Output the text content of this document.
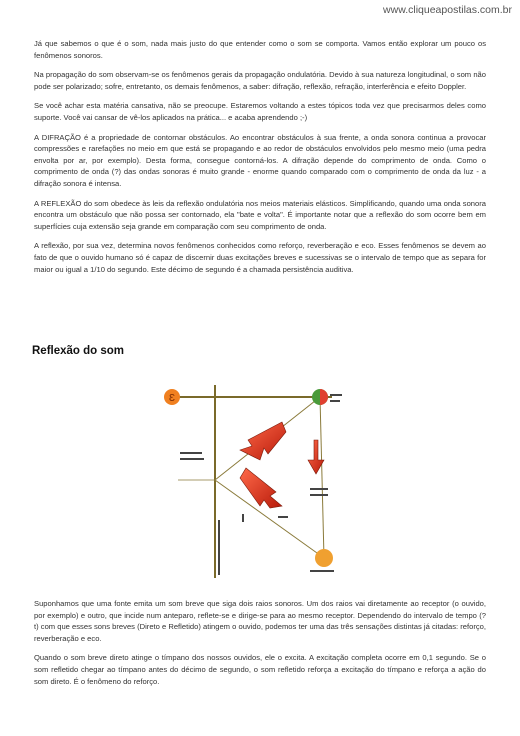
www.cliqueapostilas.com.br

Já que sabemos o que é o som, nada mais justo do que entender como o som se comporta. Vamos então explorar um pouco os fenômenos sonoros.

Na propagação do som observam-se os fenômenos gerais da propagação ondulatória. Devido à sua natureza longitudinal, o som não pode ser polarizado; sofre, entretanto, os demais fenômenos, a saber: difração, reflexão, refração, interferência e efeito Doppler.

Se você achar esta matéria cansativa, não se preocupe. Estaremos voltando a estes tópicos toda vez que precisarmos deles como suporte. Você vai cansar de vê-los aplicados na prática... e acaba aprendendo ;-)

A DIFRAÇÃO é a propriedade de contornar obstáculos. Ao encontrar obstáculos à sua frente, a onda sonora continua a provocar compressões e rarefações no meio em que está se propagando e ao redor de obstáculos envolvidos pelo mesmo meio (uma pedra envolta por ar, por exemplo). Desta forma, consegue contorná-los. A difração depende do comprimento de onda. Como o comprimento de onda (?) das ondas sonoras é muito grande - enorme quando comparado com o comprimento de onda da luz - a difração sonora é intensa.

A REFLEXÃO do som obedece às leis da reflexão ondulatória nos meios materiais elásticos. Simplificando, quando uma onda sonora encontra um obstáculo que não possa ser contornado, ela "bate e volta". É importante notar que a reflexão do som ocorre bem em superfícies cuja extensão seja grande em comparação com seu comprimento de onda.

A reflexão, por sua vez, determina novos fenômenos conhecidos como reforço, reverberação e eco. Esses fenômenos se devem ao fato de que o ouvido humano só é capaz de discernir duas excitações breves e sucessivas se o intervalo de tempo que as separa for maior ou igual a 1/10 do segundo. Este décimo de segundo é a chamada persistência auditiva.

Reflexão do som
Ɛ

Suponhamos que uma fonte emita um som breve que siga dois raios sonoros. Um dos raios vai diretamente ao receptor (o ouvido, por exemplo) e outro, que incide num anteparo, reflete-se e dirige-se para ao mesmo receptor. Dependendo do intervalo de tempo (?t) com que esses sons breves (Direto e Refletido) atingem o ouvido, podemos ter uma das três sensações distintas já citadas: reforço, reverberação e eco.

Quando o som breve direto atinge o tímpano dos nossos ouvidos, ele o excita. A excitação completa ocorre em 0,1 segundo. Se o som refletido chegar ao tímpano antes do décimo de segundo, o som refletido reforça a excitação do tímpano e reforça a ação do som direto. É o fenômeno do reforço.
